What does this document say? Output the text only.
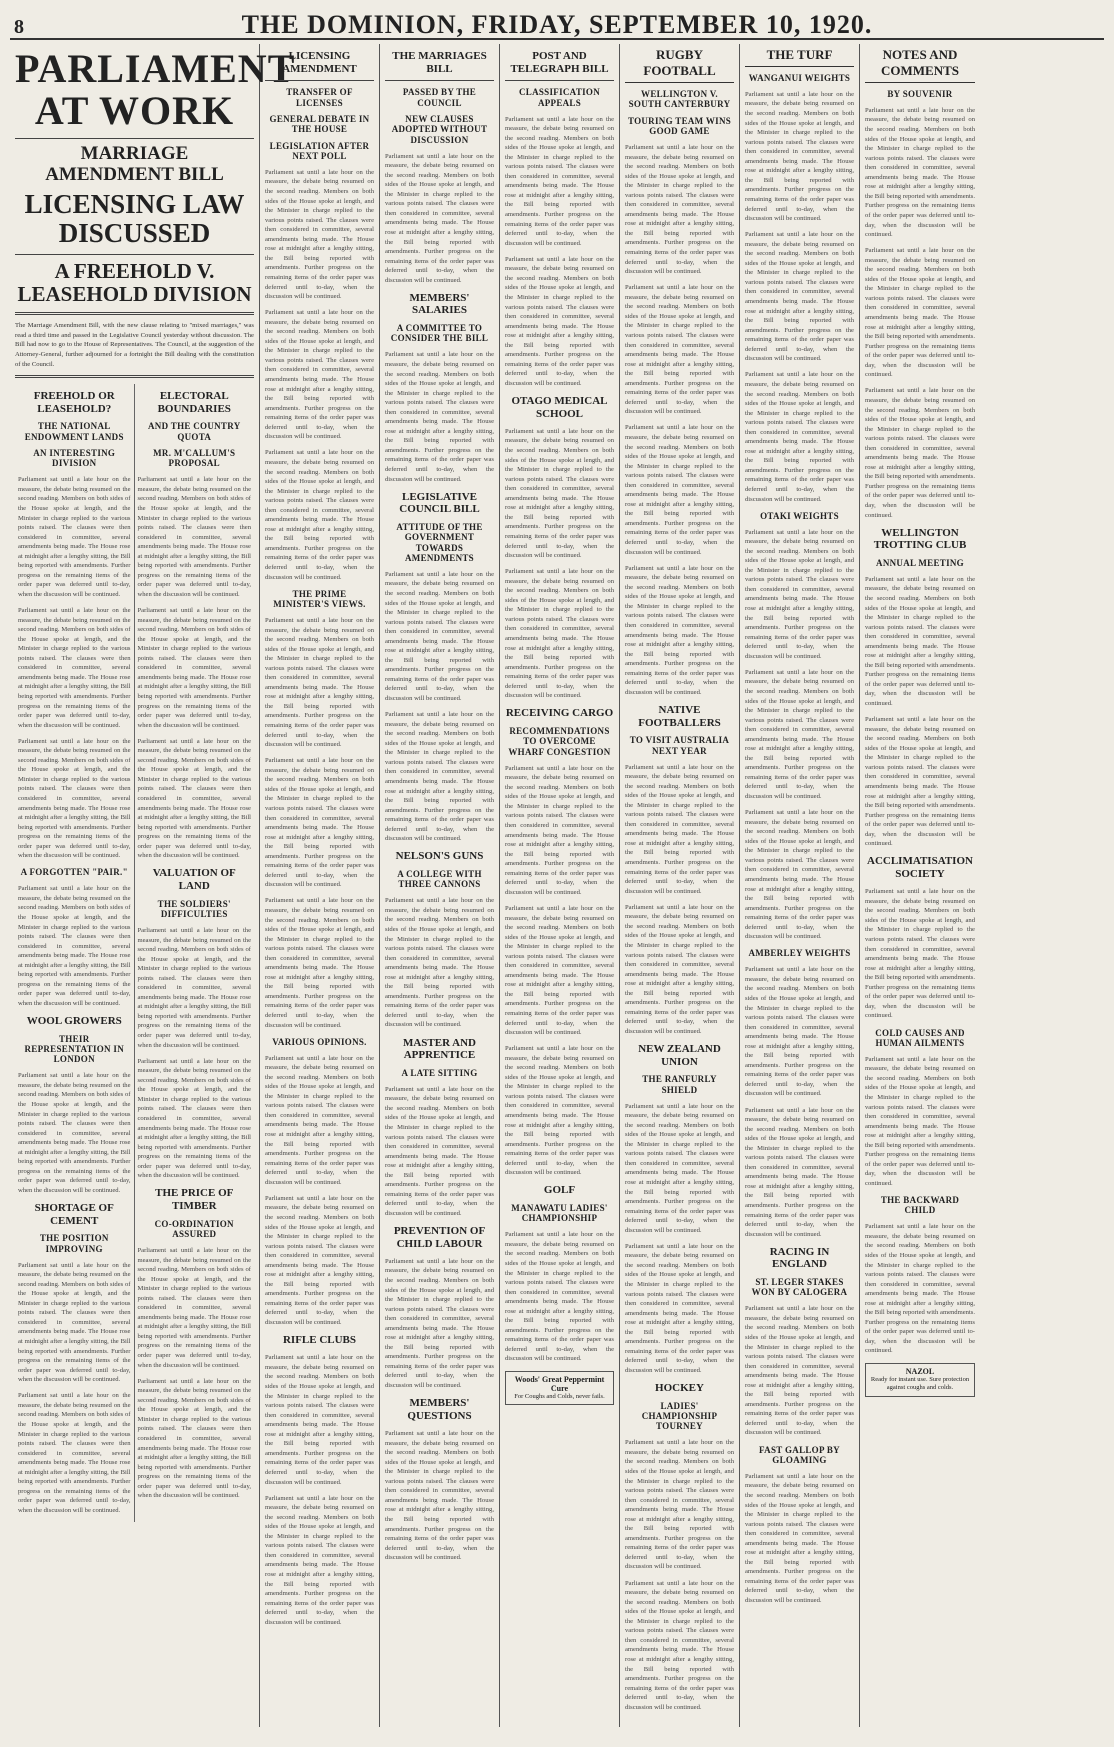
8	THE DOMINION, FRIDAY, SEPTEMBER 10, 1920.
PARLIAMENT AT WORK
MARRIAGE AMENDMENT BILL
LICENSING LAW DISCUSSED
A FREEHOLD V. LEASEHOLD DIVISION

The Marriage Amendment Bill, with the new clause relating to "mixed marriages," was read a third time and passed in the Legislative Council yesterday without discussion. The Bill had now to go to the House of Representatives. The Council, at the suggestion of the Attorney-General, further adjourned for a fortnight the Bill dealing with the constitution of the Council.

FREEHOLD OR LEASEHOLD?
THE NATIONAL ENDOWMENT LANDS
AN INTERESTING DIVISION

Parliament sat until a late hour on the measure, the debate being resumed on the second reading. Members on both sides of the House spoke at length, and the Minister in charge replied to the various points raised. The clauses were then considered in committee, several amendments being made. The House rose at midnight after a lengthy sitting, the Bill being reported with amendments. Further progress on the remaining items of the order paper was deferred until to-day, when the discussion will be continued.

Parliament sat until a late hour on the measure, the debate being resumed on the second reading. Members on both sides of the House spoke at length, and the Minister in charge replied to the various points raised. The clauses were then considered in committee, several amendments being made. The House rose at midnight after a lengthy sitting, the Bill being reported with amendments. Further progress on the remaining items of the order paper was deferred until to-day, when the discussion will be continued.

Parliament sat until a late hour on the measure, the debate being resumed on the second reading. Members on both sides of the House spoke at length, and the Minister in charge replied to the various points raised. The clauses were then considered in committee, several amendments being made. The House rose at midnight after a lengthy sitting, the Bill being reported with amendments. Further progress on the remaining items of the order paper was deferred until to-day, when the discussion will be continued.

A FORGOTTEN "PAIR."

Parliament sat until a late hour on the measure, the debate being resumed on the second reading. Members on both sides of the House spoke at length, and the Minister in charge replied to the various points raised. The clauses were then considered in committee, several amendments being made. The House rose at midnight after a lengthy sitting, the Bill being reported with amendments. Further progress on the remaining items of the order paper was deferred until to-day, when the discussion will be continued.

WOOL GROWERS
THEIR REPRESENTATION IN LONDON

Parliament sat until a late hour on the measure, the debate being resumed on the second reading. Members on both sides of the House spoke at length, and the Minister in charge replied to the various points raised. The clauses were then considered in committee, several amendments being made. The House rose at midnight after a lengthy sitting, the Bill being reported with amendments. Further progress on the remaining items of the order paper was deferred until to-day, when the discussion will be continued.

SHORTAGE OF CEMENT
THE POSITION IMPROVING

Parliament sat until a late hour on the measure, the debate being resumed on the second reading. Members on both sides of the House spoke at length, and the Minister in charge replied to the various points raised. The clauses were then considered in committee, several amendments being made. The House rose at midnight after a lengthy sitting, the Bill being reported with amendments. Further progress on the remaining items of the order paper was deferred until to-day, when the discussion will be continued.

Parliament sat until a late hour on the measure, the debate being resumed on the second reading. Members on both sides of the House spoke at length, and the Minister in charge replied to the various points raised. The clauses were then considered in committee, several amendments being made. The House rose at midnight after a lengthy sitting, the Bill being reported with amendments. Further progress on the remaining items of the order paper was deferred until to-day, when the discussion will be continued.

ELECTORAL BOUNDARIES
AND THE COUNTRY QUOTA
MR. M'CALLUM'S PROPOSAL

Parliament sat until a late hour on the measure, the debate being resumed on the second reading. Members on both sides of the House spoke at length, and the Minister in charge replied to the various points raised. The clauses were then considered in committee, several amendments being made. The House rose at midnight after a lengthy sitting, the Bill being reported with amendments. Further progress on the remaining items of the order paper was deferred until to-day, when the discussion will be continued.

Parliament sat until a late hour on the measure, the debate being resumed on the second reading. Members on both sides of the House spoke at length, and the Minister in charge replied to the various points raised. The clauses were then considered in committee, several amendments being made. The House rose at midnight after a lengthy sitting, the Bill being reported with amendments. Further progress on the remaining items of the order paper was deferred until to-day, when the discussion will be continued.

Parliament sat until a late hour on the measure, the debate being resumed on the second reading. Members on both sides of the House spoke at length, and the Minister in charge replied to the various points raised. The clauses were then considered in committee, several amendments being made. The House rose at midnight after a lengthy sitting, the Bill being reported with amendments. Further progress on the remaining items of the order paper was deferred until to-day, when the discussion will be continued.

VALUATION OF LAND
THE SOLDIERS' DIFFICULTIES

Parliament sat until a late hour on the measure, the debate being resumed on the second reading. Members on both sides of the House spoke at length, and the Minister in charge replied to the various points raised. The clauses were then considered in committee, several amendments being made. The House rose at midnight after a lengthy sitting, the Bill being reported with amendments. Further progress on the remaining items of the order paper was deferred until to-day, when the discussion will be continued.

Parliament sat until a late hour on the measure, the debate being resumed on the second reading. Members on both sides of the House spoke at length, and the Minister in charge replied to the various points raised. The clauses were then considered in committee, several amendments being made. The House rose at midnight after a lengthy sitting, the Bill being reported with amendments. Further progress on the remaining items of the order paper was deferred until to-day, when the discussion will be continued.

THE PRICE OF TIMBER
CO-ORDINATION ASSURED

Parliament sat until a late hour on the measure, the debate being resumed on the second reading. Members on both sides of the House spoke at length, and the Minister in charge replied to the various points raised. The clauses were then considered in committee, several amendments being made. The House rose at midnight after a lengthy sitting, the Bill being reported with amendments. Further progress on the remaining items of the order paper was deferred until to-day, when the discussion will be continued.

Parliament sat until a late hour on the measure, the debate being resumed on the second reading. Members on both sides of the House spoke at length, and the Minister in charge replied to the various points raised. The clauses were then considered in committee, several amendments being made. The House rose at midnight after a lengthy sitting, the Bill being reported with amendments. Further progress on the remaining items of the order paper was deferred until to-day, when the discussion will be continued.

LICENSING AMENDMENT
TRANSFER OF LICENSES
GENERAL DEBATE IN THE HOUSE
LEGISLATION AFTER NEXT POLL

Parliament sat until a late hour on the measure, the debate being resumed on the second reading. Members on both sides of the House spoke at length, and the Minister in charge replied to the various points raised. The clauses were then considered in committee, several amendments being made. The House rose at midnight after a lengthy sitting, the Bill being reported with amendments. Further progress on the remaining items of the order paper was deferred until to-day, when the discussion will be continued.

Parliament sat until a late hour on the measure, the debate being resumed on the second reading. Members on both sides of the House spoke at length, and the Minister in charge replied to the various points raised. The clauses were then considered in committee, several amendments being made. The House rose at midnight after a lengthy sitting, the Bill being reported with amendments. Further progress on the remaining items of the order paper was deferred until to-day, when the discussion will be continued.

Parliament sat until a late hour on the measure, the debate being resumed on the second reading. Members on both sides of the House spoke at length, and the Minister in charge replied to the various points raised. The clauses were then considered in committee, several amendments being made. The House rose at midnight after a lengthy sitting, the Bill being reported with amendments. Further progress on the remaining items of the order paper was deferred until to-day, when the discussion will be continued.

THE PRIME MINISTER'S VIEWS.

Parliament sat until a late hour on the measure, the debate being resumed on the second reading. Members on both sides of the House spoke at length, and the Minister in charge replied to the various points raised. The clauses were then considered in committee, several amendments being made. The House rose at midnight after a lengthy sitting, the Bill being reported with amendments. Further progress on the remaining items of the order paper was deferred until to-day, when the discussion will be continued.

Parliament sat until a late hour on the measure, the debate being resumed on the second reading. Members on both sides of the House spoke at length, and the Minister in charge replied to the various points raised. The clauses were then considered in committee, several amendments being made. The House rose at midnight after a lengthy sitting, the Bill being reported with amendments. Further progress on the remaining items of the order paper was deferred until to-day, when the discussion will be continued.

Parliament sat until a late hour on the measure, the debate being resumed on the second reading. Members on both sides of the House spoke at length, and the Minister in charge replied to the various points raised. The clauses were then considered in committee, several amendments being made. The House rose at midnight after a lengthy sitting, the Bill being reported with amendments. Further progress on the remaining items of the order paper was deferred until to-day, when the discussion will be continued.

VARIOUS OPINIONS.

Parliament sat until a late hour on the measure, the debate being resumed on the second reading. Members on both sides of the House spoke at length, and the Minister in charge replied to the various points raised. The clauses were then considered in committee, several amendments being made. The House rose at midnight after a lengthy sitting, the Bill being reported with amendments. Further progress on the remaining items of the order paper was deferred until to-day, when the discussion will be continued.

Parliament sat until a late hour on the measure, the debate being resumed on the second reading. Members on both sides of the House spoke at length, and the Minister in charge replied to the various points raised. The clauses were then considered in committee, several amendments being made. The House rose at midnight after a lengthy sitting, the Bill being reported with amendments. Further progress on the remaining items of the order paper was deferred until to-day, when the discussion will be continued.

RIFLE CLUBS

Parliament sat until a late hour on the measure, the debate being resumed on the second reading. Members on both sides of the House spoke at length, and the Minister in charge replied to the various points raised. The clauses were then considered in committee, several amendments being made. The House rose at midnight after a lengthy sitting, the Bill being reported with amendments. Further progress on the remaining items of the order paper was deferred until to-day, when the discussion will be continued.

Parliament sat until a late hour on the measure, the debate being resumed on the second reading. Members on both sides of the House spoke at length, and the Minister in charge replied to the various points raised. The clauses were then considered in committee, several amendments being made. The House rose at midnight after a lengthy sitting, the Bill being reported with amendments. Further progress on the remaining items of the order paper was deferred until to-day, when the discussion will be continued.

THE MARRIAGES BILL
PASSED BY THE COUNCIL
NEW CLAUSES ADOPTED WITHOUT DISCUSSION

Parliament sat until a late hour on the measure, the debate being resumed on the second reading. Members on both sides of the House spoke at length, and the Minister in charge replied to the various points raised. The clauses were then considered in committee, several amendments being made. The House rose at midnight after a lengthy sitting, the Bill being reported with amendments. Further progress on the remaining items of the order paper was deferred until to-day, when the discussion will be continued.

MEMBERS' SALARIES
A COMMITTEE TO CONSIDER THE BILL

Parliament sat until a late hour on the measure, the debate being resumed on the second reading. Members on both sides of the House spoke at length, and the Minister in charge replied to the various points raised. The clauses were then considered in committee, several amendments being made. The House rose at midnight after a lengthy sitting, the Bill being reported with amendments. Further progress on the remaining items of the order paper was deferred until to-day, when the discussion will be continued.

LEGISLATIVE COUNCIL BILL
ATTITUDE OF THE GOVERNMENT TOWARDS AMENDMENTS

Parliament sat until a late hour on the measure, the debate being resumed on the second reading. Members on both sides of the House spoke at length, and the Minister in charge replied to the various points raised. The clauses were then considered in committee, several amendments being made. The House rose at midnight after a lengthy sitting, the Bill being reported with amendments. Further progress on the remaining items of the order paper was deferred until to-day, when the discussion will be continued.

Parliament sat until a late hour on the measure, the debate being resumed on the second reading. Members on both sides of the House spoke at length, and the Minister in charge replied to the various points raised. The clauses were then considered in committee, several amendments being made. The House rose at midnight after a lengthy sitting, the Bill being reported with amendments. Further progress on the remaining items of the order paper was deferred until to-day, when the discussion will be continued.

NELSON'S GUNS
A COLLEGE WITH THREE CANNONS

Parliament sat until a late hour on the measure, the debate being resumed on the second reading. Members on both sides of the House spoke at length, and the Minister in charge replied to the various points raised. The clauses were then considered in committee, several amendments being made. The House rose at midnight after a lengthy sitting, the Bill being reported with amendments. Further progress on the remaining items of the order paper was deferred until to-day, when the discussion will be continued.

MASTER AND APPRENTICE
A LATE SITTING

Parliament sat until a late hour on the measure, the debate being resumed on the second reading. Members on both sides of the House spoke at length, and the Minister in charge replied to the various points raised. The clauses were then considered in committee, several amendments being made. The House rose at midnight after a lengthy sitting, the Bill being reported with amendments. Further progress on the remaining items of the order paper was deferred until to-day, when the discussion will be continued.

PREVENTION OF CHILD LABOUR

Parliament sat until a late hour on the measure, the debate being resumed on the second reading. Members on both sides of the House spoke at length, and the Minister in charge replied to the various points raised. The clauses were then considered in committee, several amendments being made. The House rose at midnight after a lengthy sitting, the Bill being reported with amendments. Further progress on the remaining items of the order paper was deferred until to-day, when the discussion will be continued.

MEMBERS' QUESTIONS

Parliament sat until a late hour on the measure, the debate being resumed on the second reading. Members on both sides of the House spoke at length, and the Minister in charge replied to the various points raised. The clauses were then considered in committee, several amendments being made. The House rose at midnight after a lengthy sitting, the Bill being reported with amendments. Further progress on the remaining items of the order paper was deferred until to-day, when the discussion will be continued.

POST AND TELEGRAPH BILL
CLASSIFICATION APPEALS

Parliament sat until a late hour on the measure, the debate being resumed on the second reading. Members on both sides of the House spoke at length, and the Minister in charge replied to the various points raised. The clauses were then considered in committee, several amendments being made. The House rose at midnight after a lengthy sitting, the Bill being reported with amendments. Further progress on the remaining items of the order paper was deferred until to-day, when the discussion will be continued.

Parliament sat until a late hour on the measure, the debate being resumed on the second reading. Members on both sides of the House spoke at length, and the Minister in charge replied to the various points raised. The clauses were then considered in committee, several amendments being made. The House rose at midnight after a lengthy sitting, the Bill being reported with amendments. Further progress on the remaining items of the order paper was deferred until to-day, when the discussion will be continued.

OTAGO MEDICAL SCHOOL

Parliament sat until a late hour on the measure, the debate being resumed on the second reading. Members on both sides of the House spoke at length, and the Minister in charge replied to the various points raised. The clauses were then considered in committee, several amendments being made. The House rose at midnight after a lengthy sitting, the Bill being reported with amendments. Further progress on the remaining items of the order paper was deferred until to-day, when the discussion will be continued.

Parliament sat until a late hour on the measure, the debate being resumed on the second reading. Members on both sides of the House spoke at length, and the Minister in charge replied to the various points raised. The clauses were then considered in committee, several amendments being made. The House rose at midnight after a lengthy sitting, the Bill being reported with amendments. Further progress on the remaining items of the order paper was deferred until to-day, when the discussion will be continued.

RECEIVING CARGO
RECOMMENDATIONS TO OVERCOME WHARF CONGESTION

Parliament sat until a late hour on the measure, the debate being resumed on the second reading. Members on both sides of the House spoke at length, and the Minister in charge replied to the various points raised. The clauses were then considered in committee, several amendments being made. The House rose at midnight after a lengthy sitting, the Bill being reported with amendments. Further progress on the remaining items of the order paper was deferred until to-day, when the discussion will be continued.

Parliament sat until a late hour on the measure, the debate being resumed on the second reading. Members on both sides of the House spoke at length, and the Minister in charge replied to the various points raised. The clauses were then considered in committee, several amendments being made. The House rose at midnight after a lengthy sitting, the Bill being reported with amendments. Further progress on the remaining items of the order paper was deferred until to-day, when the discussion will be continued.

Parliament sat until a late hour on the measure, the debate being resumed on the second reading. Members on both sides of the House spoke at length, and the Minister in charge replied to the various points raised. The clauses were then considered in committee, several amendments being made. The House rose at midnight after a lengthy sitting, the Bill being reported with amendments. Further progress on the remaining items of the order paper was deferred until to-day, when the discussion will be continued.

GOLF
MANAWATU LADIES' CHAMPIONSHIP

Parliament sat until a late hour on the measure, the debate being resumed on the second reading. Members on both sides of the House spoke at length, and the Minister in charge replied to the various points raised. The clauses were then considered in committee, several amendments being made. The House rose at midnight after a lengthy sitting, the Bill being reported with amendments. Further progress on the remaining items of the order paper was deferred until to-day, when the discussion will be continued.

Woods' Great Peppermint Cure
For Coughs and Colds, never fails.
RUGBY FOOTBALL
WELLINGTON V. SOUTH CANTERBURY
TOURING TEAM WINS GOOD GAME

Parliament sat until a late hour on the measure, the debate being resumed on the second reading. Members on both sides of the House spoke at length, and the Minister in charge replied to the various points raised. The clauses were then considered in committee, several amendments being made. The House rose at midnight after a lengthy sitting, the Bill being reported with amendments. Further progress on the remaining items of the order paper was deferred until to-day, when the discussion will be continued.

Parliament sat until a late hour on the measure, the debate being resumed on the second reading. Members on both sides of the House spoke at length, and the Minister in charge replied to the various points raised. The clauses were then considered in committee, several amendments being made. The House rose at midnight after a lengthy sitting, the Bill being reported with amendments. Further progress on the remaining items of the order paper was deferred until to-day, when the discussion will be continued.

Parliament sat until a late hour on the measure, the debate being resumed on the second reading. Members on both sides of the House spoke at length, and the Minister in charge replied to the various points raised. The clauses were then considered in committee, several amendments being made. The House rose at midnight after a lengthy sitting, the Bill being reported with amendments. Further progress on the remaining items of the order paper was deferred until to-day, when the discussion will be continued.

Parliament sat until a late hour on the measure, the debate being resumed on the second reading. Members on both sides of the House spoke at length, and the Minister in charge replied to the various points raised. The clauses were then considered in committee, several amendments being made. The House rose at midnight after a lengthy sitting, the Bill being reported with amendments. Further progress on the remaining items of the order paper was deferred until to-day, when the discussion will be continued.

NATIVE FOOTBALLERS
TO VISIT AUSTRALIA NEXT YEAR

Parliament sat until a late hour on the measure, the debate being resumed on the second reading. Members on both sides of the House spoke at length, and the Minister in charge replied to the various points raised. The clauses were then considered in committee, several amendments being made. The House rose at midnight after a lengthy sitting, the Bill being reported with amendments. Further progress on the remaining items of the order paper was deferred until to-day, when the discussion will be continued.

Parliament sat until a late hour on the measure, the debate being resumed on the second reading. Members on both sides of the House spoke at length, and the Minister in charge replied to the various points raised. The clauses were then considered in committee, several amendments being made. The House rose at midnight after a lengthy sitting, the Bill being reported with amendments. Further progress on the remaining items of the order paper was deferred until to-day, when the discussion will be continued.

NEW ZEALAND UNION
THE RANFURLY SHIELD

Parliament sat until a late hour on the measure, the debate being resumed on the second reading. Members on both sides of the House spoke at length, and the Minister in charge replied to the various points raised. The clauses were then considered in committee, several amendments being made. The House rose at midnight after a lengthy sitting, the Bill being reported with amendments. Further progress on the remaining items of the order paper was deferred until to-day, when the discussion will be continued.

Parliament sat until a late hour on the measure, the debate being resumed on the second reading. Members on both sides of the House spoke at length, and the Minister in charge replied to the various points raised. The clauses were then considered in committee, several amendments being made. The House rose at midnight after a lengthy sitting, the Bill being reported with amendments. Further progress on the remaining items of the order paper was deferred until to-day, when the discussion will be continued.

HOCKEY
LADIES' CHAMPIONSHIP TOURNEY

Parliament sat until a late hour on the measure, the debate being resumed on the second reading. Members on both sides of the House spoke at length, and the Minister in charge replied to the various points raised. The clauses were then considered in committee, several amendments being made. The House rose at midnight after a lengthy sitting, the Bill being reported with amendments. Further progress on the remaining items of the order paper was deferred until to-day, when the discussion will be continued.

Parliament sat until a late hour on the measure, the debate being resumed on the second reading. Members on both sides of the House spoke at length, and the Minister in charge replied to the various points raised. The clauses were then considered in committee, several amendments being made. The House rose at midnight after a lengthy sitting, the Bill being reported with amendments. Further progress on the remaining items of the order paper was deferred until to-day, when the discussion will be continued.

THE TURF
WANGANUI WEIGHTS

Parliament sat until a late hour on the measure, the debate being resumed on the second reading. Members on both sides of the House spoke at length, and the Minister in charge replied to the various points raised. The clauses were then considered in committee, several amendments being made. The House rose at midnight after a lengthy sitting, the Bill being reported with amendments. Further progress on the remaining items of the order paper was deferred until to-day, when the discussion will be continued.

Parliament sat until a late hour on the measure, the debate being resumed on the second reading. Members on both sides of the House spoke at length, and the Minister in charge replied to the various points raised. The clauses were then considered in committee, several amendments being made. The House rose at midnight after a lengthy sitting, the Bill being reported with amendments. Further progress on the remaining items of the order paper was deferred until to-day, when the discussion will be continued.

Parliament sat until a late hour on the measure, the debate being resumed on the second reading. Members on both sides of the House spoke at length, and the Minister in charge replied to the various points raised. The clauses were then considered in committee, several amendments being made. The House rose at midnight after a lengthy sitting, the Bill being reported with amendments. Further progress on the remaining items of the order paper was deferred until to-day, when the discussion will be continued.

OTAKI WEIGHTS

Parliament sat until a late hour on the measure, the debate being resumed on the second reading. Members on both sides of the House spoke at length, and the Minister in charge replied to the various points raised. The clauses were then considered in committee, several amendments being made. The House rose at midnight after a lengthy sitting, the Bill being reported with amendments. Further progress on the remaining items of the order paper was deferred until to-day, when the discussion will be continued.

Parliament sat until a late hour on the measure, the debate being resumed on the second reading. Members on both sides of the House spoke at length, and the Minister in charge replied to the various points raised. The clauses were then considered in committee, several amendments being made. The House rose at midnight after a lengthy sitting, the Bill being reported with amendments. Further progress on the remaining items of the order paper was deferred until to-day, when the discussion will be continued.

Parliament sat until a late hour on the measure, the debate being resumed on the second reading. Members on both sides of the House spoke at length, and the Minister in charge replied to the various points raised. The clauses were then considered in committee, several amendments being made. The House rose at midnight after a lengthy sitting, the Bill being reported with amendments. Further progress on the remaining items of the order paper was deferred until to-day, when the discussion will be continued.

AMBERLEY WEIGHTS

Parliament sat until a late hour on the measure, the debate being resumed on the second reading. Members on both sides of the House spoke at length, and the Minister in charge replied to the various points raised. The clauses were then considered in committee, several amendments being made. The House rose at midnight after a lengthy sitting, the Bill being reported with amendments. Further progress on the remaining items of the order paper was deferred until to-day, when the discussion will be continued.

Parliament sat until a late hour on the measure, the debate being resumed on the second reading. Members on both sides of the House spoke at length, and the Minister in charge replied to the various points raised. The clauses were then considered in committee, several amendments being made. The House rose at midnight after a lengthy sitting, the Bill being reported with amendments. Further progress on the remaining items of the order paper was deferred until to-day, when the discussion will be continued.

RACING IN ENGLAND
ST. LEGER STAKES WON BY CALOGERA

Parliament sat until a late hour on the measure, the debate being resumed on the second reading. Members on both sides of the House spoke at length, and the Minister in charge replied to the various points raised. The clauses were then considered in committee, several amendments being made. The House rose at midnight after a lengthy sitting, the Bill being reported with amendments. Further progress on the remaining items of the order paper was deferred until to-day, when the discussion will be continued.

FAST GALLOP BY GLOAMING

Parliament sat until a late hour on the measure, the debate being resumed on the second reading. Members on both sides of the House spoke at length, and the Minister in charge replied to the various points raised. The clauses were then considered in committee, several amendments being made. The House rose at midnight after a lengthy sitting, the Bill being reported with amendments. Further progress on the remaining items of the order paper was deferred until to-day, when the discussion will be continued.

NOTES AND COMMENTS
BY SOUVENIR

Parliament sat until a late hour on the measure, the debate being resumed on the second reading. Members on both sides of the House spoke at length, and the Minister in charge replied to the various points raised. The clauses were then considered in committee, several amendments being made. The House rose at midnight after a lengthy sitting, the Bill being reported with amendments. Further progress on the remaining items of the order paper was deferred until to-day, when the discussion will be continued.

Parliament sat until a late hour on the measure, the debate being resumed on the second reading. Members on both sides of the House spoke at length, and the Minister in charge replied to the various points raised. The clauses were then considered in committee, several amendments being made. The House rose at midnight after a lengthy sitting, the Bill being reported with amendments. Further progress on the remaining items of the order paper was deferred until to-day, when the discussion will be continued.

Parliament sat until a late hour on the measure, the debate being resumed on the second reading. Members on both sides of the House spoke at length, and the Minister in charge replied to the various points raised. The clauses were then considered in committee, several amendments being made. The House rose at midnight after a lengthy sitting, the Bill being reported with amendments. Further progress on the remaining items of the order paper was deferred until to-day, when the discussion will be continued.

WELLINGTON TROTTING CLUB
ANNUAL MEETING

Parliament sat until a late hour on the measure, the debate being resumed on the second reading. Members on both sides of the House spoke at length, and the Minister in charge replied to the various points raised. The clauses were then considered in committee, several amendments being made. The House rose at midnight after a lengthy sitting, the Bill being reported with amendments. Further progress on the remaining items of the order paper was deferred until to-day, when the discussion will be continued.

Parliament sat until a late hour on the measure, the debate being resumed on the second reading. Members on both sides of the House spoke at length, and the Minister in charge replied to the various points raised. The clauses were then considered in committee, several amendments being made. The House rose at midnight after a lengthy sitting, the Bill being reported with amendments. Further progress on the remaining items of the order paper was deferred until to-day, when the discussion will be continued.

ACCLIMATISATION SOCIETY

Parliament sat until a late hour on the measure, the debate being resumed on the second reading. Members on both sides of the House spoke at length, and the Minister in charge replied to the various points raised. The clauses were then considered in committee, several amendments being made. The House rose at midnight after a lengthy sitting, the Bill being reported with amendments. Further progress on the remaining items of the order paper was deferred until to-day, when the discussion will be continued.

COLD CAUSES AND HUMAN AILMENTS

Parliament sat until a late hour on the measure, the debate being resumed on the second reading. Members on both sides of the House spoke at length, and the Minister in charge replied to the various points raised. The clauses were then considered in committee, several amendments being made. The House rose at midnight after a lengthy sitting, the Bill being reported with amendments. Further progress on the remaining items of the order paper was deferred until to-day, when the discussion will be continued.

THE BACKWARD CHILD

Parliament sat until a late hour on the measure, the debate being resumed on the second reading. Members on both sides of the House spoke at length, and the Minister in charge replied to the various points raised. The clauses were then considered in committee, several amendments being made. The House rose at midnight after a lengthy sitting, the Bill being reported with amendments. Further progress on the remaining items of the order paper was deferred until to-day, when the discussion will be continued.

NAZOL
Ready for instant use. Sure protection against coughs and colds.
